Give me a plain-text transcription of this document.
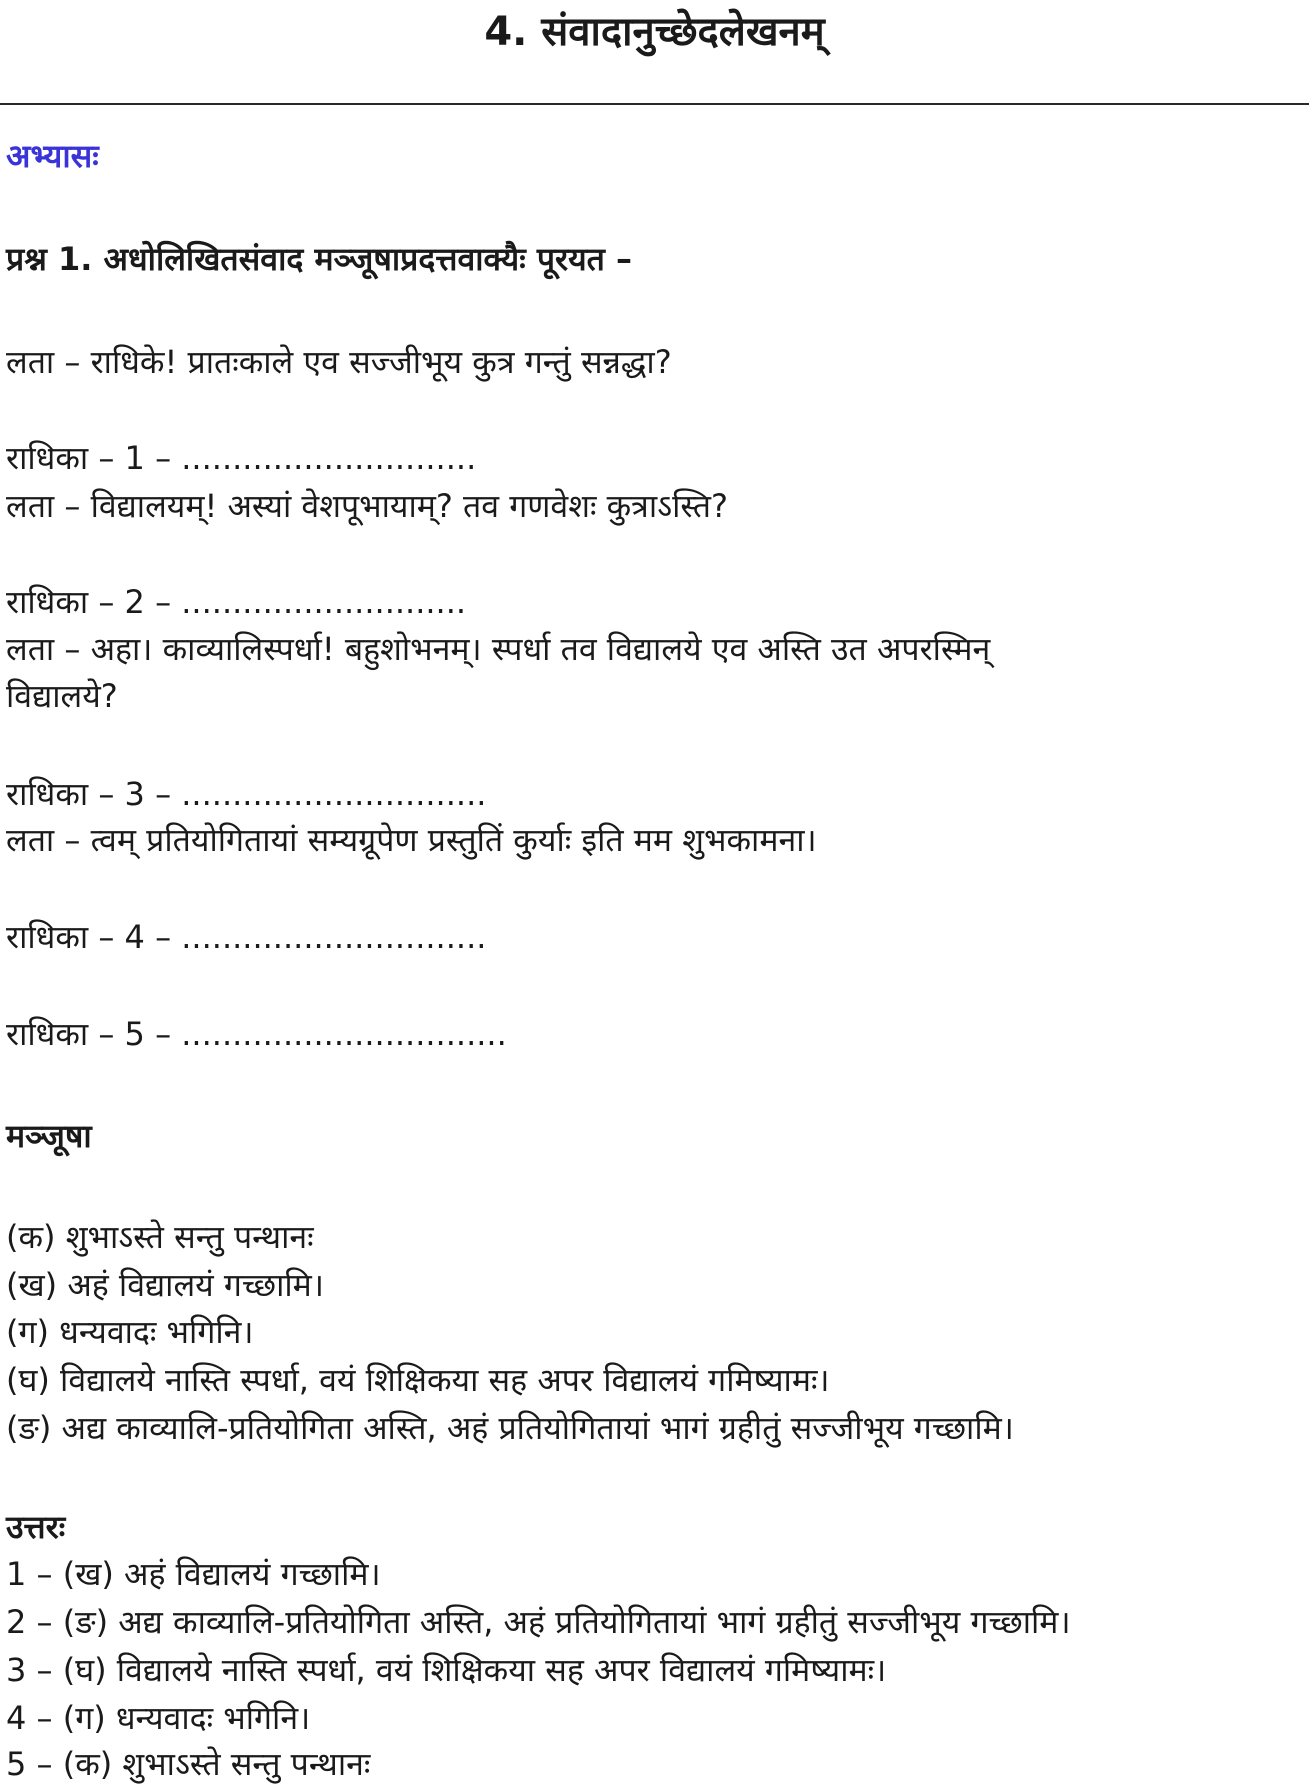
4. संवादानुच्छेदलेखनम्

अभ्यासः

प्रश्न 1. अधोलिखितसंवाद मञ्जूषाप्रदत्तवाक्यैः पूरयत –

लता – राधिके! प्रातःकाले एव सज्जीभूय कुत्र गन्तुं सन्नद्धा?

राधिका – 1 – .............................

लता – विद्यालयम्! अस्यां वेशपूभायाम्? तव गणवेशः कुत्राऽस्ति?

राधिका – 2 – ............................

लता – अहा। काव्यालिस्पर्धा! बहुशोभनम्। स्पर्धा तव विद्यालये एव अस्ति उत अपरस्मिन्

विद्यालये?

राधिका – 3 – ..............................

लता – त्वम् प्रतियोगितायां सम्यग्रूपेण प्रस्तुतिं कुर्याः इति मम शुभकामना।

राधिका – 4 – ..............................

राधिका – 5 – ................................

मञ्जूषा

(क) शुभाऽस्ते सन्तु पन्थानः

(ख) अहं विद्यालयं गच्छामि।

(ग) धन्यवादः भगिनि।

(घ) विद्यालये नास्ति स्पर्धा, वयं शिक्षिकया सह अपर विद्यालयं गमिष्यामः।

(ङ) अद्य काव्यालि-प्रतियोगिता अस्ति, अहं प्रतियोगितायां भागं ग्रहीतुं सज्जीभूय गच्छामि।

उत्तरः

1 – (ख) अहं विद्यालयं गच्छामि।

2 – (ङ) अद्य काव्यालि-प्रतियोगिता अस्ति, अहं प्रतियोगितायां भागं ग्रहीतुं सज्जीभूय गच्छामि।

3 – (घ) विद्यालये नास्ति स्पर्धा, वयं शिक्षिकया सह अपर विद्यालयं गमिष्यामः।

4 – (ग) धन्यवादः भगिनि।

5 – (क) शुभाऽस्ते सन्तु पन्थानः
